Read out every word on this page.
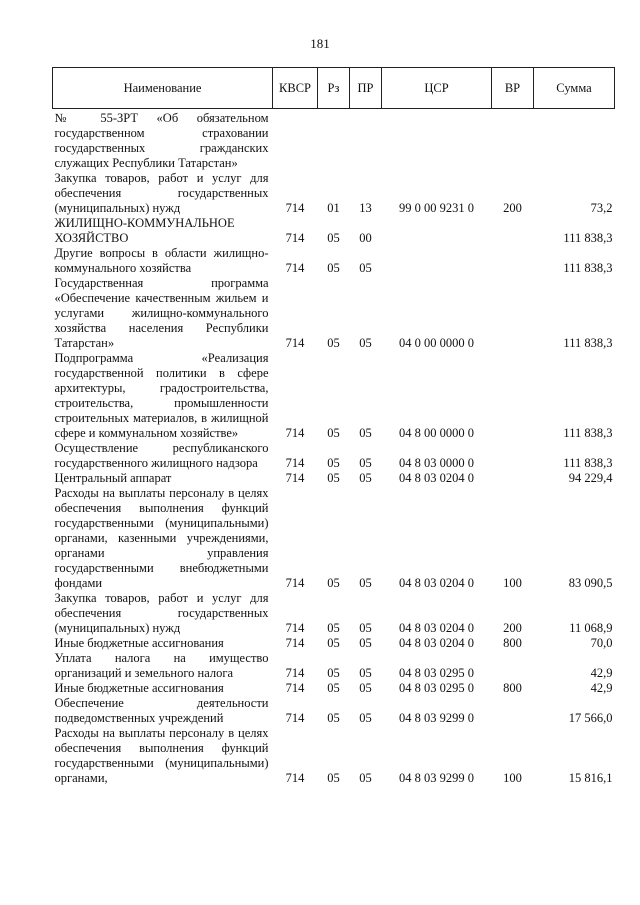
181
Наименование	КВСР	Рз	ПР	ЦСР	ВР	Сумма
№ 55-ЗРТ «Об обязательном государственном страховании государственных гражданских служащих Республики Татарстан»						
Закупка товаров, работ и услуг для обеспечения государственных (муниципальных) нужд	714	01	13	99 0 00 9231 0	200	73,2
ЖИЛИЩНО-КОММУНАЛЬНОЕ ХОЗЯЙСТВО	714	05	00			111 838,3
Другие вопросы в области жилищно-коммунального хозяйства	714	05	05			111 838,3
Государственная программа «Обеспечение качественным жильем и услугами жилищно-коммунального хозяйства населения Республики Татарстан»	714	05	05	04 0 00 0000 0		111 838,3
Подпрограмма «Реализация государственной политики в сфере архитектуры, градостроительства, строительства, промышленности строительных материалов, в жилищной сфере и коммунальном хозяйстве»	714	05	05	04 8 00 0000 0		111 838,3
Осуществление республиканского государственного жилищного надзора	714	05	05	04 8 03 0000 0		111 838,3
Центральный аппарат	714	05	05	04 8 03 0204 0		94 229,4
Расходы на выплаты персоналу в целях обеспечения выполнения функций государственными (муниципальными) органами, казенными учреждениями, органами управления государственными внебюджетными фондами	714	05	05	04 8 03 0204 0	100	83 090,5
Закупка товаров, работ и услуг для обеспечения государственных (муниципальных) нужд	714	05	05	04 8 03 0204 0	200	11 068,9
Иные бюджетные ассигнования	714	05	05	04 8 03 0204 0	800	70,0
Уплата налога на имущество организаций и земельного налога	714	05	05	04 8 03 0295 0		42,9
Иные бюджетные ассигнования	714	05	05	04 8 03 0295 0	800	42,9
Обеспечение деятельности подведомственных учреждений	714	05	05	04 8 03 9299 0		17 566,0
Расходы на выплаты персоналу в целях обеспечения выполнения функций государственными (муниципальными) органами,	714	05	05	04 8 03 9299 0	100	15 816,1
